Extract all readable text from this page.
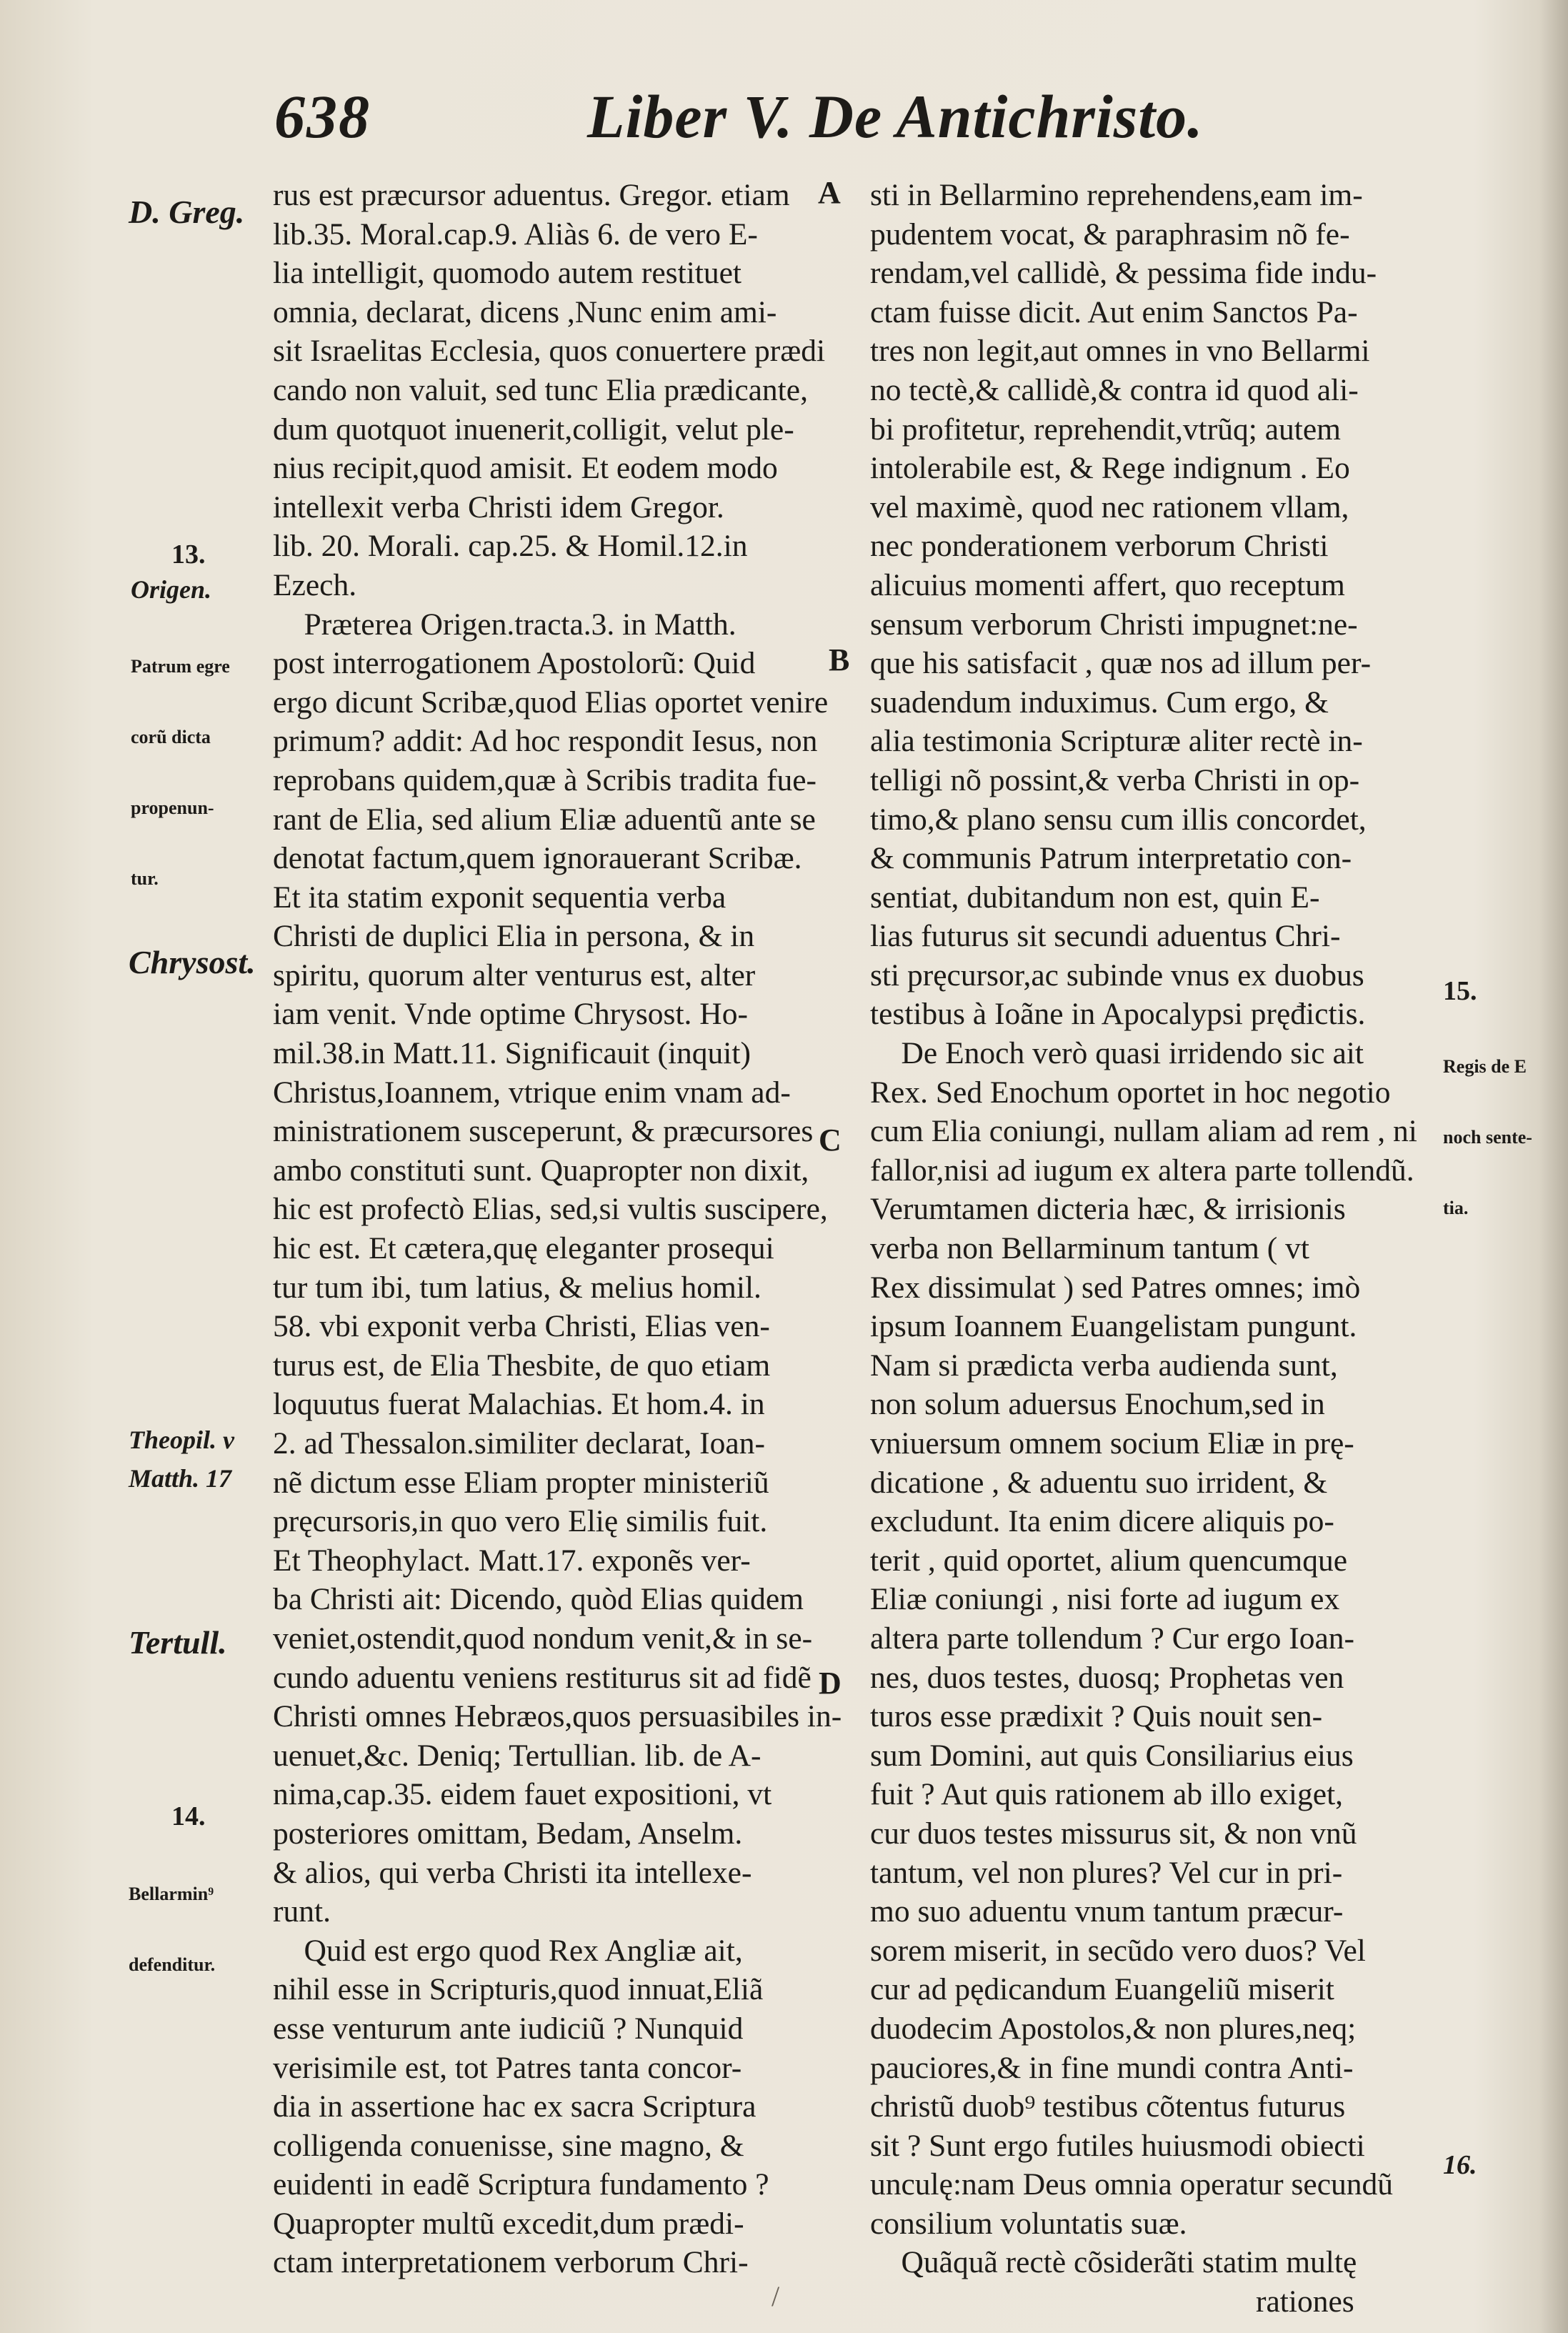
638	Liber V. De Antichristo.
rus est præcursor aduentus. Gregor. etiam
lib.35. Moral.cap.9. Aliàs 6. de vero E-
lia intelligit, quomodo autem restituet
omnia, declarat, dicens ,Nunc enim ami-
sit Israelitas Ecclesia, quos conuertere prædi
cando non valuit, sed tunc Elia prædicante,
dum quotquot inuenerit,colligit, velut ple-
nius recipit,quod amisit. Et eodem modo
intellexit verba Christi idem Gregor.
lib. 20. Morali. cap.25. & Homil.12.in
Ezech.
Præterea Origen.tracta.3. in Matth.
post interrogationem Apostolorũ: Quid
ergo dicunt Scribæ,quod Elias oportet venire
primum? addit: Ad hoc respondit Iesus, non
reprobans quidem,quæ à Scribis tradita fue-
rant de Elia, sed alium Eliæ aduentũ ante se
denotat factum,quem ignorauerant Scribæ.
Et ita statim exponit sequentia verba
Christi de duplici Elia in persona, & in
spiritu, quorum alter venturus est, alter
iam venit. Vnde optime Chrysost. Ho-
mil.38.in Matt.11. Significauit (inquit)
Christus,Ioannem, vtrique enim vnam ad-
ministrationem susceperunt, & præcursores
ambo constituti sunt. Quapropter non dixit,
hic est profectò Elias, sed,si vultis suscipere,
hic est. Et cætera,quę eleganter prosequi
tur tum ibi, tum latius, & melius homil.
58. vbi exponit verba Christi, Elias ven-
turus est, de Elia Thesbite, de quo etiam
loquutus fuerat Malachias. Et hom.4. in
2. ad Thessalon.similiter declarat, Ioan-
nẽ dictum esse Eliam propter ministeriũ
pręcursoris,in quo vero Elię similis fuit.
Et Theophylact. Matt.17. exponẽs ver-
ba Christi ait: Dicendo, quòd Elias quidem
veniet,ostendit,quod nondum venit,& in se-
cundo aduentu veniens restiturus sit ad fidẽ
Christi omnes Hebræos,quos persuasibiles in-
uenuet,&c. Deniq; Tertullian. lib. de A-
nima,cap.35. eidem fauet expositioni, vt
posteriores omittam, Bedam, Anselm.
& alios, qui verba Christi ita intellexe-
runt.
Quid est ergo quod Rex Angliæ ait,
nihil esse in Scripturis,quod innuat,Eliã
esse venturum ante iudiciũ ? Nunquid
verisimile est, tot Patres tanta concor-
dia in assertione hac ex sacra Scriptura
colligenda conuenisse, sine magno, &
euidenti in eadẽ Scriptura fundamento ?
Quapropter multũ excedit,dum prædi-
ctam interpretationem verborum Chri-
sti in Bellarmino reprehendens,eam im-
pudentem vocat, & paraphrasim nõ fe-
rendam,vel callidè, & pessima fide indu-
ctam fuisse dicit. Aut enim Sanctos Pa-
tres non legit,aut omnes in vno Bellarmi
no tectè,& callidè,& contra id quod ali-
bi profitetur, reprehendit,vtrũq; autem
intolerabile est, & Rege indignum . Eo
vel maximè, quod nec rationem vllam,
nec ponderationem verborum Christi
alicuius momenti affert, quo receptum
sensum verborum Christi impugnet:ne-
que his satisfacit , quæ nos ad illum per-
suadendum induximus. Cum ergo, &
alia testimonia Scripturæ aliter rectè in-
telligi nõ possint,& verba Christi in op-
timo,& plano sensu cum illis concordet,
& communis Patrum interpretatio con-
sentiat, dubitandum non est, quin E-
lias futurus sit secundi aduentus Chri-
sti pręcursor,ac subinde vnus ex duobus
testibus à Ioãne in Apocalypsi pręđictis.
De Enoch verò quasi irridendo sic ait
Rex. Sed Enochum oportet in hoc negotio
cum Elia coniungi, nullam aliam ad rem , ni
fallor,nisi ad iugum ex altera parte tollendũ.
Verumtamen dicteria hæc, & irrisionis
verba non Bellarminum tantum ( vt
Rex dissimulat ) sed Patres omnes; imò
ipsum Ioannem Euangelistam pungunt.
Nam si prædicta verba audienda sunt,
non solum aduersus Enochum,sed in
vniuersum omnem socium Eliæ in prę-
dicatione , & aduentu suo irrident, &
excludunt. Ita enim dicere aliquis po-
terit , quid oportet, alium quencumque
Eliæ coniungi , nisi forte ad iugum ex
altera parte tollendum ? Cur ergo Ioan-
nes, duos testes, duosq; Prophetas ven
turos esse prædixit ? Quis nouit sen-
sum Domini, aut quis Consiliarius eius
fuit ? Aut quis rationem ab illo exiget,
cur duos testes missurus sit, & non vnũ
tantum, vel non plures? Vel cur in pri-
mo suo aduentu vnum tantum præcur-
sorem miserit, in secũdo vero duos? Vel
cur ad pędicandum Euangeliũ miserit
duodecim Apostolos,& non plures,neq;
pauciores,& in fine mundi contra Anti-
christũ duob⁹ testibus cõtentus futurus
sit ? Sunt ergo futiles huiusmodi obiecti
unculę:nam Deus omnia operatur secundũ
consilium voluntatis suæ.
Quãquã rectè cõsiderãti statim multę
rationes
D. Greg.
13.
Origen.

Patrum egre

corũ dicta

propenun-

tur.

Chrysost.
Theopil. v
Matth. 17
Tertull.
14.

Bellarmin⁹

defenditur.

15.

Regis de E

noch sente-

tia.

16.
A
B
C
D
/
